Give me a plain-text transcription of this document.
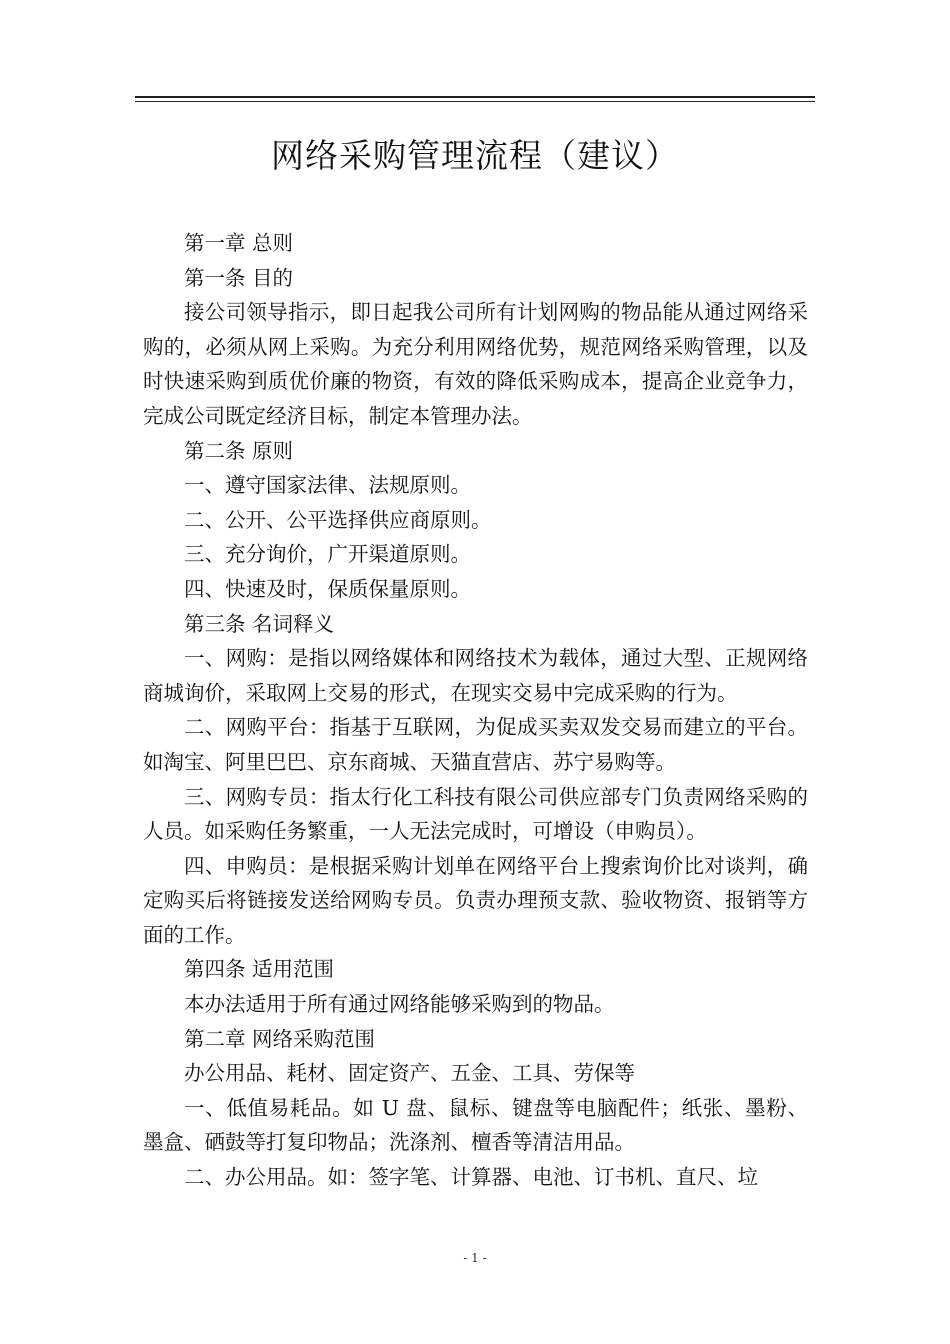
网络采购管理流程（建议）

第一章 总则

第一条 目的

接公司领导指示，即日起我公司所有计划网购的物品能从通过网络采购的，必须从网上采购。为充分利用网络优势，规范网络采购管理，以及时快速采购到质优价廉的物资，有效的降低采购成本，提高企业竞争力，完成公司既定经济目标，制定本管理办法。

第二条 原则

一、遵守国家法律、法规原则。

二、公开、公平选择供应商原则。

三、充分询价，广开渠道原则。

四、快速及时，保质保量原则。

第三条 名词释义

一、网购：是指以网络媒体和网络技术为载体，通过大型、正规网络商城询价，采取网上交易的形式，在现实交易中完成采购的行为。

二、网购平台：指基于互联网，为促成买卖双发交易而建立的平台。如淘宝、阿里巴巴、京东商城、天猫直营店、苏宁易购等。

三、网购专员：指太行化工科技有限公司供应部专门负责网络采购的人员。如采购任务繁重，一人无法完成时，可增设（申购员）。

四、申购员：是根据采购计划单在网络平台上搜索询价比对谈判，确定购买后将链接发送给网购专员。负责办理预支款、验收物资、报销等方面的工作。

第四条 适用范围

本办法适用于所有通过网络能够采购到的物品。

第二章 网络采购范围

办公用品、耗材、固定资产、五金、工具、劳保等

一、低值易耗品。如 U 盘、鼠标、键盘等电脑配件；纸张、墨粉、墨盒、硒鼓等打复印物品；洗涤剂、檀香等清洁用品。

二、办公用品。如：签字笔、计算器、电池、订书机、直尺、垃

- 1 -
